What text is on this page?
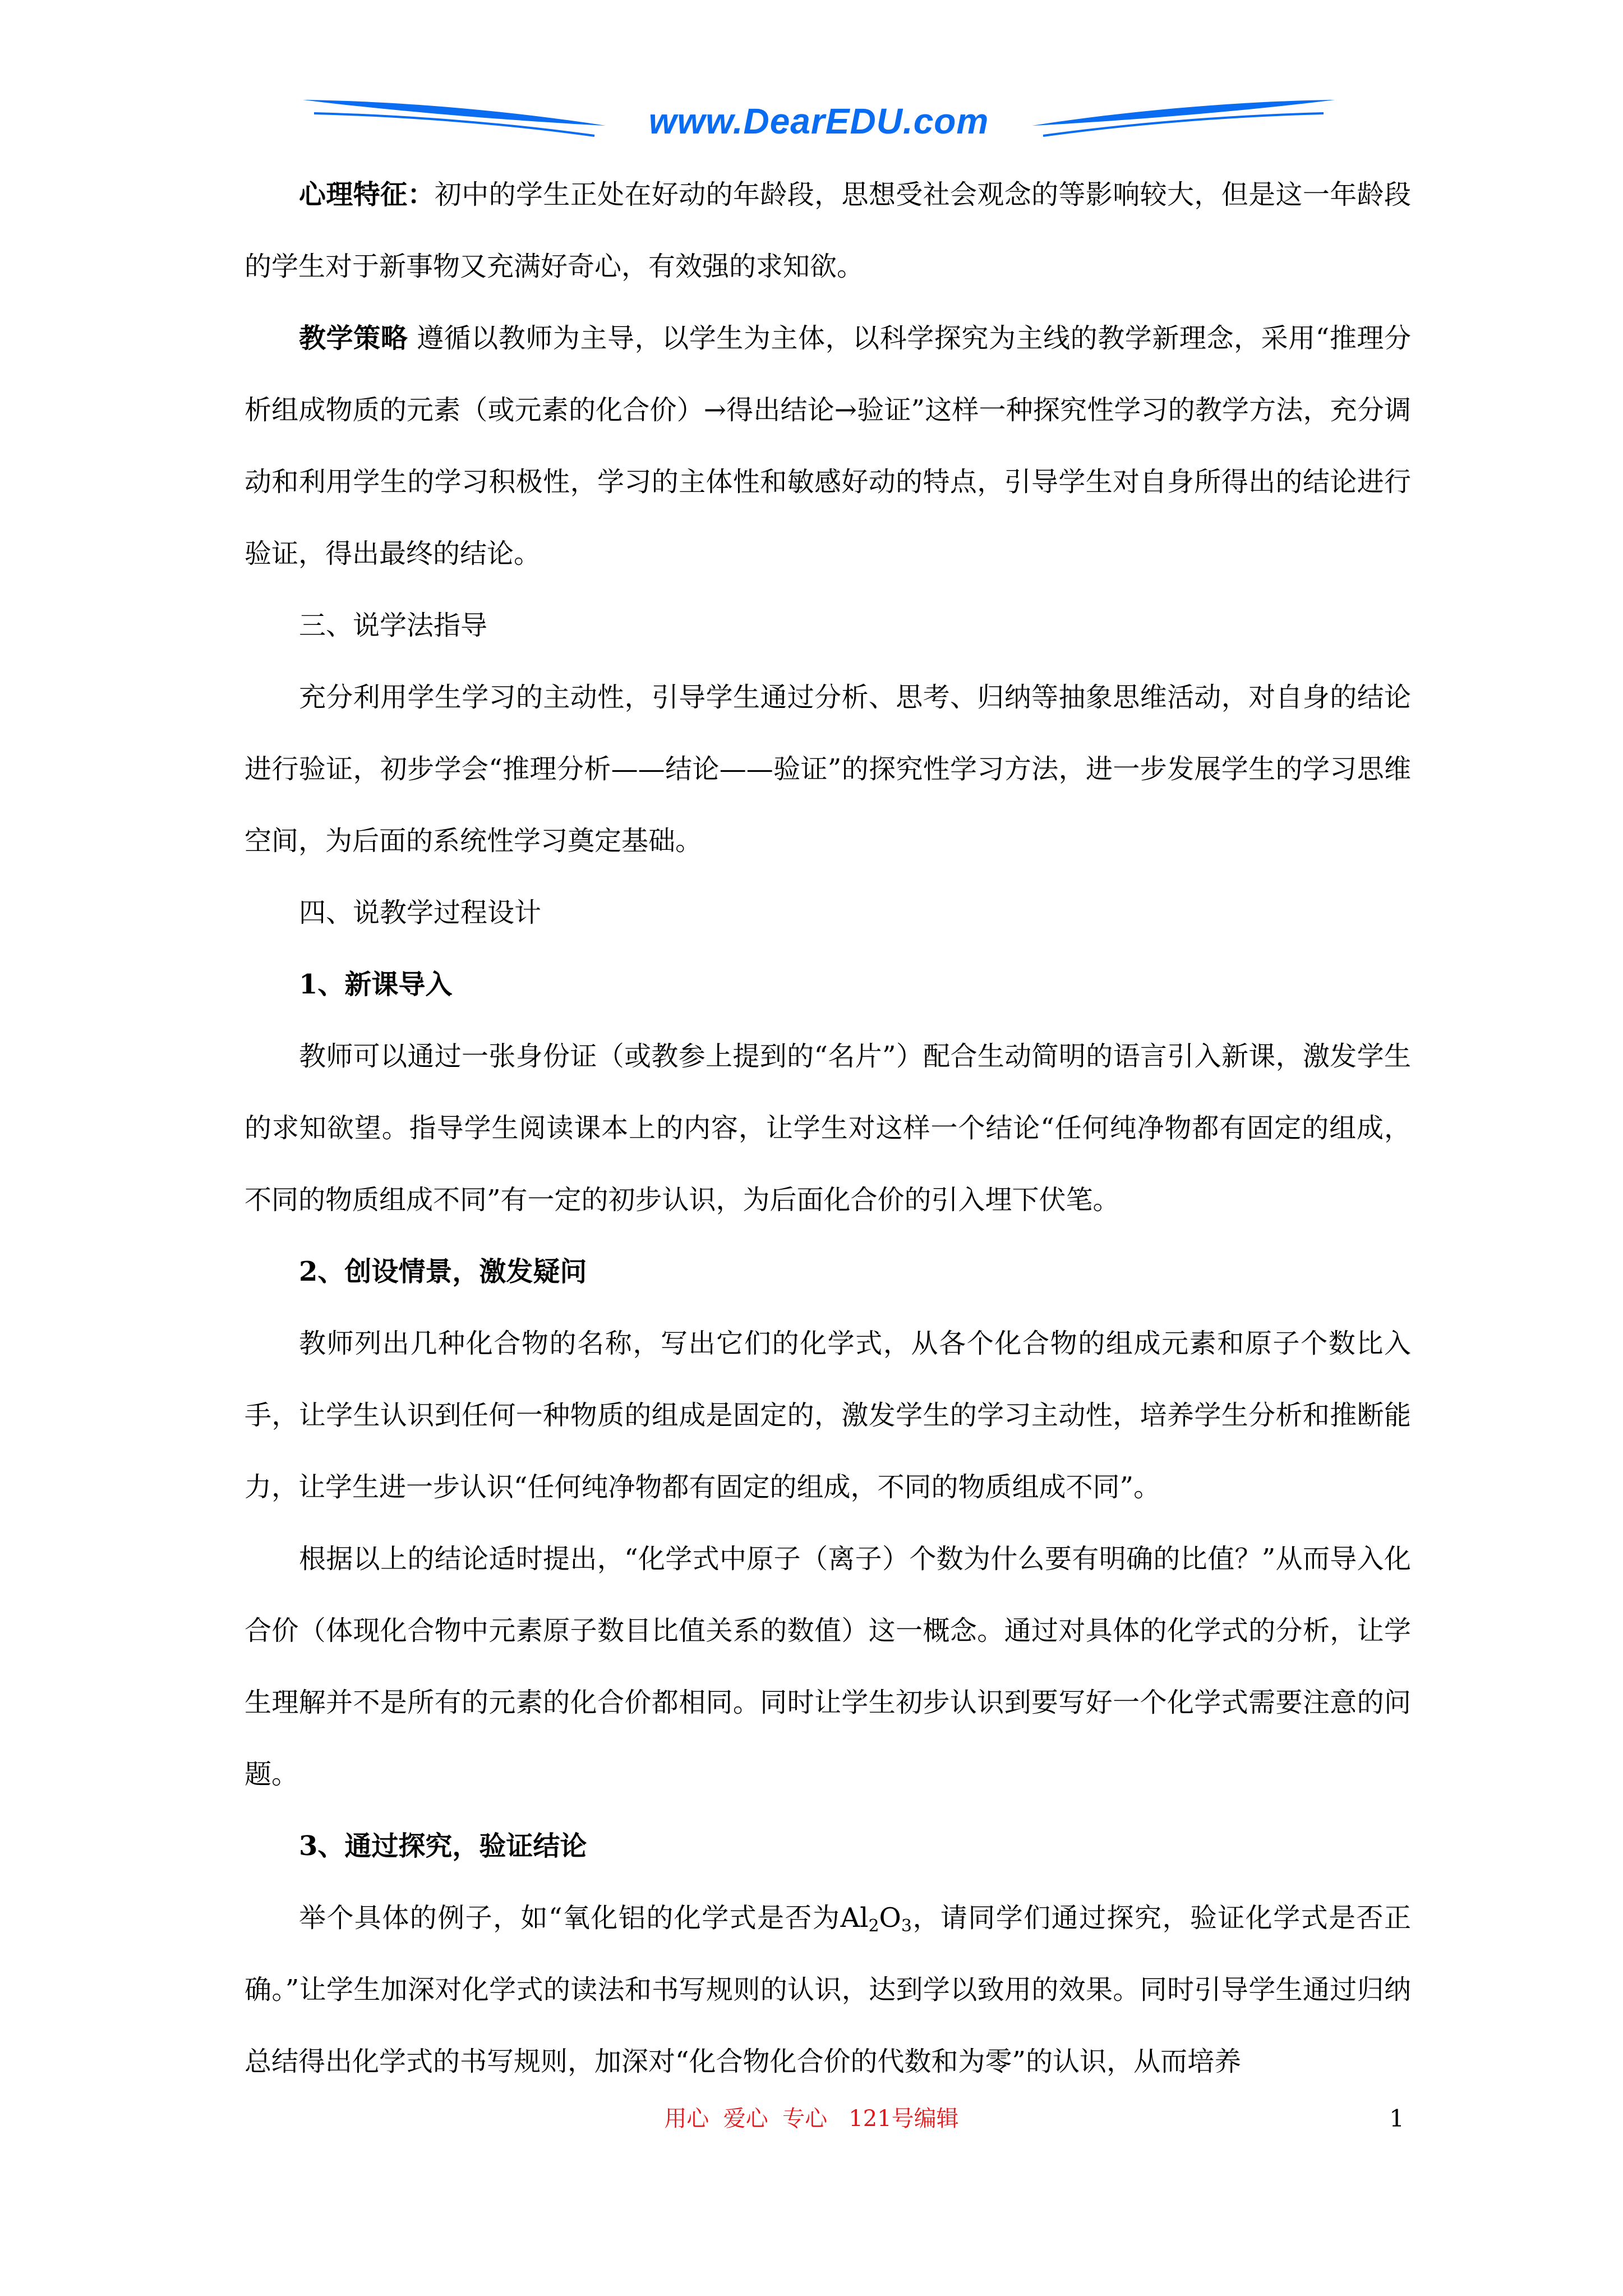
www.DearEDU.com

心理特征：初中的学生正处在好动的年龄段，思想受社会观念的等影响较大，但是这一年龄段的学生对于新事物又充满好奇心，有效强的求知欲。

教学策略 遵循以教师为主导，以学生为主体，以科学探究为主线的教学新理念，采用“推理分析组成物质的元素（或元素的化合价）→得出结论→验证”这样一种探究性学习的教学方法，充分调动和利用学生的学习积极性，学习的主体性和敏感好动的特点，引导学生对自身所得出的结论进行验证，得出最终的结论。

三、说学法指导

充分利用学生学习的主动性，引导学生通过分析、思考、归纳等抽象思维活动，对自身的结论进行验证，初步学会“推理分析——结论——验证”的探究性学习方法，进一步发展学生的学习思维空间，为后面的系统性学习奠定基础。

四、说教学过程设计

1、新课导入

教师可以通过一张身份证（或教参上提到的“名片”）配合生动简明的语言引入新课，激发学生的求知欲望。指导学生阅读课本上的内容，让学生对这样一个结论“任何纯净物都有固定的组成，不同的物质组成不同”有一定的初步认识，为后面化合价的引入埋下伏笔。

2、创设情景，激发疑问

教师列出几种化合物的名称，写出它们的化学式，从各个化合物的组成元素和原子个数比入手，让学生认识到任何一种物质的组成是固定的，激发学生的学习主动性，培养学生分析和推断能力，让学生进一步认识“任何纯净物都有固定的组成，不同的物质组成不同”。

根据以上的结论适时提出，“化学式中原子（离子）个数为什么要有明确的比值？”从而导入化合价（体现化合物中元素原子数目比值关系的数值）这一概念。通过对具体的化学式的分析，让学生理解并不是所有的元素的化合价都相同。同时让学生初步认识到要写好一个化学式需要注意的问题。

3、通过探究，验证结论

举个具体的例子，如“氧化铝的化学式是否为$Al_2O_3$，请同学们通过探究，验证化学式是否正确。”让学生加深对化学式的读法和书写规则的认识，达到学以致用的效果。同时引导学生通过归纳总结得出化学式的书写规则，加深对“化合物化合价的代数和为零”的认识，从而培养

用心  爱心  专心   121号编辑	1
